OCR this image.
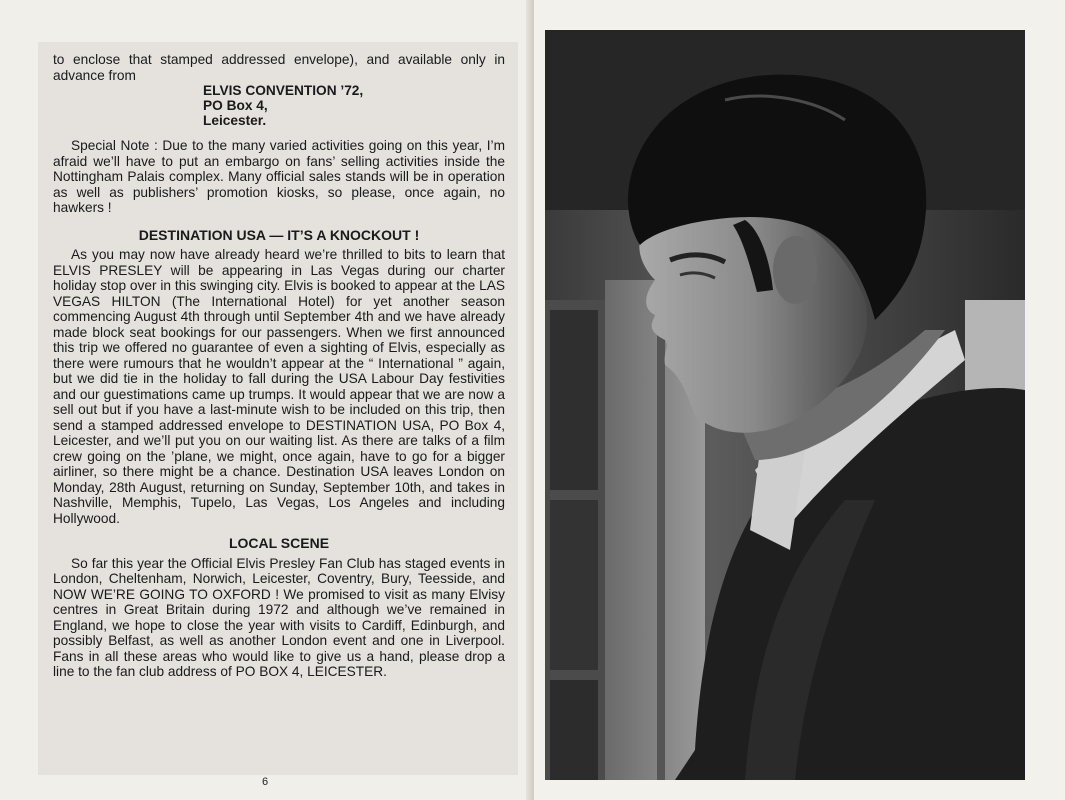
to enclose that stamped addressed envelope), and available only in advance from

ELVIS CONVENTION ’72,
PO Box 4,
Leicester.

Special Note : Due to the many varied activities going on this year, I’m afraid we’ll have to put an embargo on fans’ selling activities inside the Nottingham Palais complex. Many official sales stands will be in operation as well as publishers’ promotion kiosks, so please, once again, no hawkers !

DESTINATION USA — IT’S A KNOCKOUT !

As you may now have already heard we’re thrilled to bits to learn that ELVIS PRESLEY will be appearing in Las Vegas during our charter holiday stop over in this swinging city. Elvis is booked to appear at the LAS VEGAS HILTON (The International Hotel) for yet another season commencing August 4th through until September 4th and we have already made block seat bookings for our passengers. When we first announced this trip we offered no guarantee of even a sighting of Elvis, especially as there were rumours that he wouldn’t appear at the “ International ” again, but we did tie in the holiday to fall during the USA Labour Day festivities and our guestimations came up trumps. It would appear that we are now a sell out but if you have a last-minute wish to be included on this trip, then send a stamped addressed envelope to DESTINATION USA, PO Box 4, Leicester, and we’ll put you on our waiting list. As there are talks of a film crew going on the ’plane, we might, once again, have to go for a bigger airliner, so there might be a chance. Destination USA leaves London on Monday, 28th August, returning on Sunday, September 10th, and takes in Nashville, Memphis, Tupelo, Las Vegas, Los Angeles and including Hollywood.

LOCAL SCENE

So far this year the Official Elvis Presley Fan Club has staged events in London, Cheltenham, Norwich, Leicester, Coventry, Bury, Teesside, and NOW WE’RE GOING TO OXFORD ! We promised to visit as many Elvisy centres in Great Britain during 1972 and although we’ve remained in England, we hope to close the year with visits to Cardiff, Edinburgh, and possibly Belfast, as well as another London event and one in Liverpool. Fans in all these areas who would like to give us a hand, please drop a line to the fan club address of PO BOX 4, LEICESTER.

6
